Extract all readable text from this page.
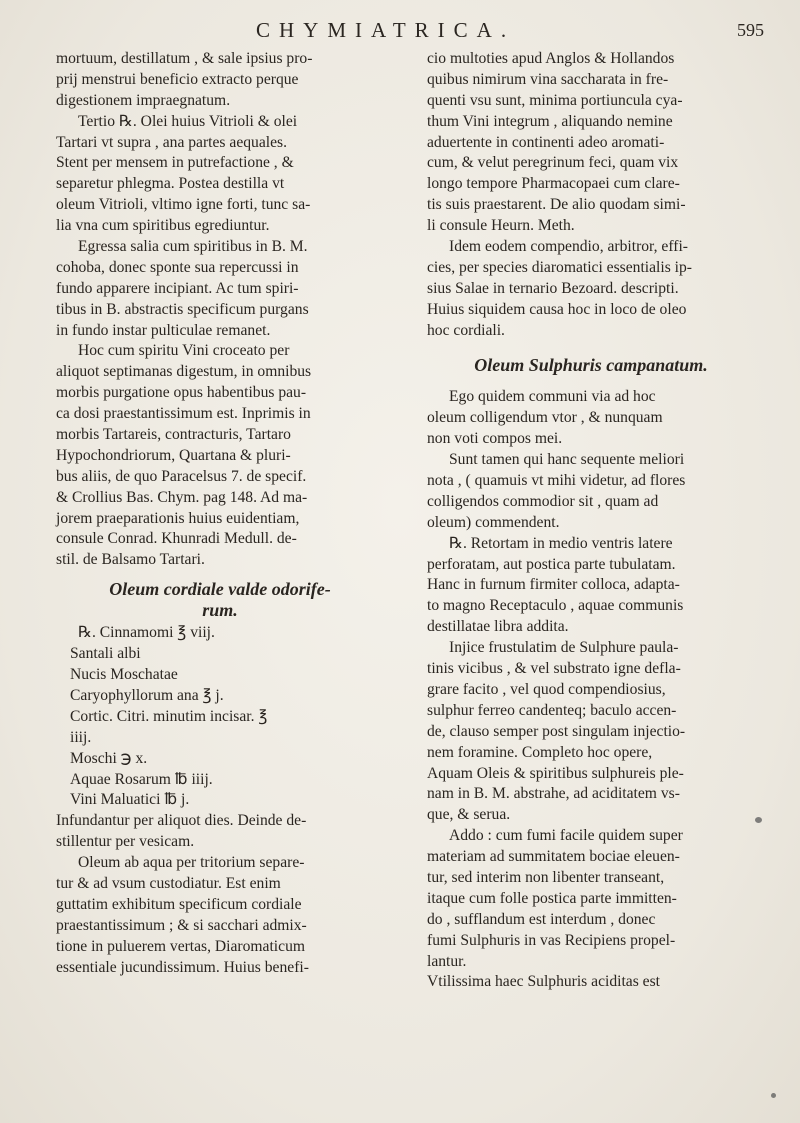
CHYMIATRICA.	595
mortuum, destillatum , & sale ipsius pro-
prij menstrui beneficio extracto perque
digestionem impraegnatum.
Tertio ℞. Olei huius Vitrioli & olei
Tartari vt supra , ana partes aequales.
Stent per mensem in putrefactione , &
separetur phlegma. Postea destilla vt
oleum Vitrioli, vltimo igne forti, tunc sa-
lia vna cum spiritibus egrediuntur.
Egressa salia cum spiritibus in B. M.
cohoba, donec sponte sua repercussi in
fundo apparere incipiant. Ac tum spiri-
tibus in B. abstractis specificum purgans
in fundo instar pulticulae remanet.
Hoc cum spiritu Vini croceato per
aliquot septimanas digestum, in omnibus
morbis purgatione opus habentibus pau-
ca dosi praestantissimum est. Inprimis in
morbis Tartareis, contracturis, Tartaro
Hypochondriorum, Quartana & pluri-
bus aliis, de quo Paracelsus 7. de specif.
& Crollius Bas. Chym. pag 148. Ad ma-
jorem praeparationis huius euidentiam,
consule Conrad. Khunradi Medull. de-
stil. de Balsamo Tartari.
Oleum cordiale valde odorife-
rum.
℞. Cinnamomi ℥ viij.
Santali albi
Nucis Moschatae
Caryophyllorum ana ℥ j.
Cortic. Citri. minutim incisar. ℥
iiij.
Moschi ℈ x.
Aquae Rosarum ℔ iiij.
Vini Maluatici ℔ j.
Infundantur per aliquot dies. Deinde de-
stillentur per vesicam.
Oleum ab aqua per tritorium separe-
tur & ad vsum custodiatur. Est enim
guttatim exhibitum specificum cordiale
praestantissimum ; & si sacchari admix-
tione in puluerem vertas, Diaromaticum
essentiale jucundissimum. Huius benefi-
cio multoties apud Anglos & Hollandos
quibus nimirum vina saccharata in fre-
quenti vsu sunt, minima portiuncula cya-
thum Vini integrum , aliquando nemine
aduertente in continenti adeo aromati-
cum, & velut peregrinum feci, quam vix
longo tempore Pharmacopaei cum clare-
tis suis praestarent. De alio quodam simi-
li consule Heurn. Meth.
Idem eodem compendio, arbitror, effi-
cies, per species diaromatici essentialis ip-
sius Salae in ternario Bezoard. descripti.
Huius siquidem causa hoc in loco de oleo
hoc cordiali.
Oleum Sulphuris campanatum.
Ego quidem communi via ad hoc
oleum colligendum vtor , & nunquam
non voti compos mei.
Sunt tamen qui hanc sequente meliori
nota , ( quamuis vt mihi videtur, ad flores
colligendos commodior sit , quam ad
oleum) commendent.
℞. Retortam in medio ventris latere
perforatam, aut postica parte tubulatam.
Hanc in furnum firmiter colloca, adapta-
to magno Receptaculo , aquae communis
destillatae libra addita.
Injice frustulatim de Sulphure paula-
tinis vicibus , & vel substrato igne defla-
grare facito , vel quod compendiosius,
sulphur ferreo candenteq; baculo accen-
de, clauso semper post singulam injectio-
nem foramine. Completo hoc opere,
Aquam Oleis & spiritibus sulphureis ple-
nam in B. M. abstrahe, ad aciditatem vs-
que, & serua.
Addo : cum fumi facile quidem super
materiam ad summitatem bociae eleuen-
tur, sed interim non libenter transeant,
itaque cum folle postica parte immitten-
do , sufflandum est interdum , donec
fumi Sulphuris in vas Recipiens propel-
lantur.
Vtilissima haec Sulphuris aciditas est
